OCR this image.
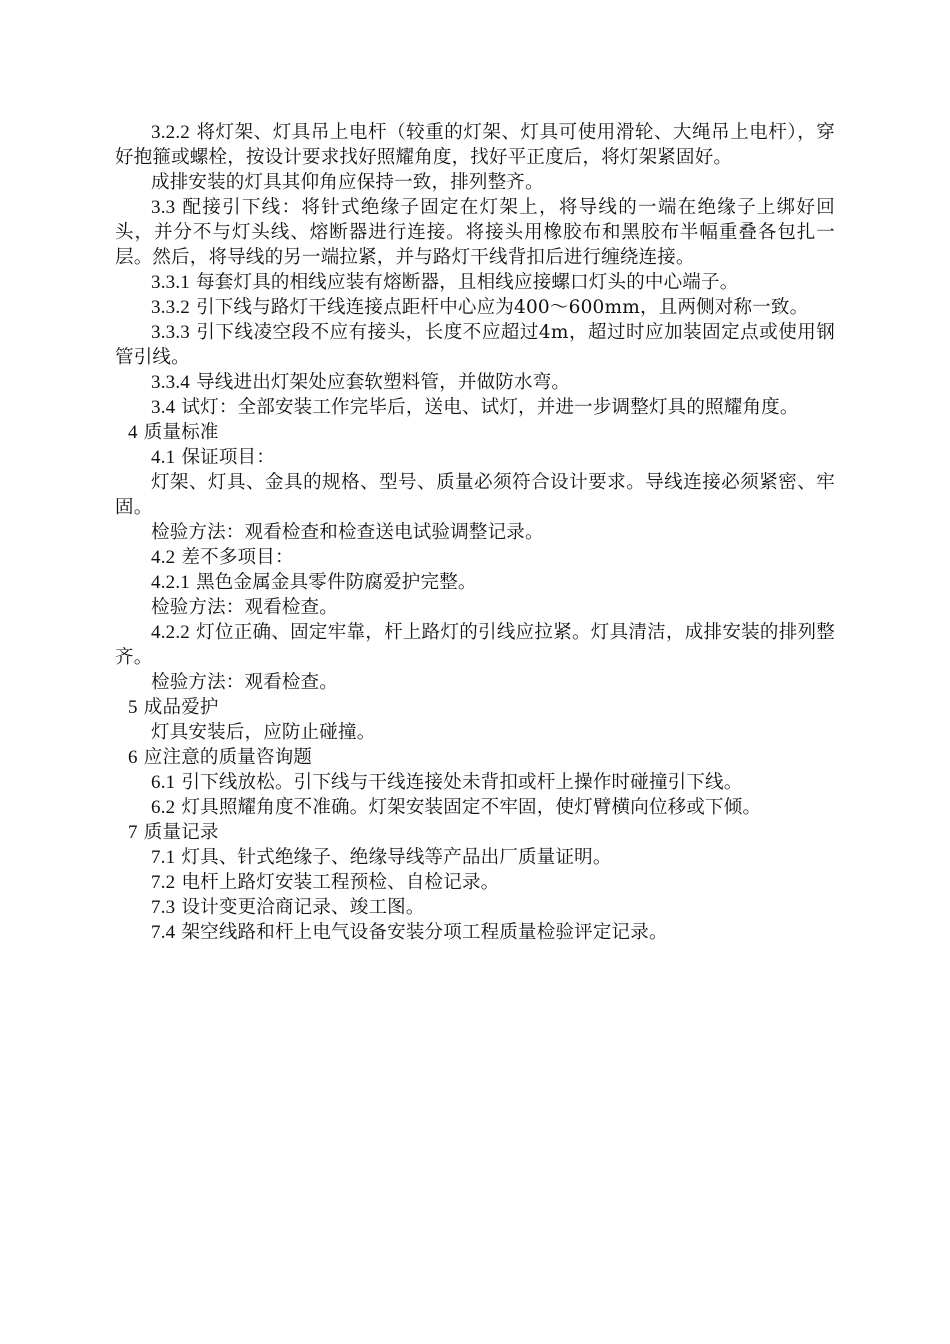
3.2.2 将灯架、灯具吊上电杆（较重的灯架、灯具可使用滑轮、大绳吊上电杆），穿好抱箍或螺栓，按设计要求找好照耀角度，找好平正度后，将灯架紧固好。

成排安装的灯具其仰角应保持一致，排列整齐。

3.3 配接引下线：将针式绝缘子固定在灯架上，将导线的一端在绝缘子上绑好回头，并分不与灯头线、熔断器进行连接。将接头用橡胶布和黑胶布半幅重叠各包扎一层。然后，将导线的另一端拉紧，并与路灯干线背扣后进行缠绕连接。

3.3.1 每套灯具的相线应装有熔断器，且相线应接螺口灯头的中心端子。

3.3.2 引下线与路灯干线连接点距杆中心应为400～600mm，且两侧对称一致。

3.3.3 引下线凌空段不应有接头，长度不应超过4m，超过时应加装固定点或使用钢管引线。

3.3.4 导线进出灯架处应套软塑料管，并做防水弯。

3.4 试灯：全部安装工作完毕后，送电、试灯，并进一步调整灯具的照耀角度。

4 质量标准

4.1 保证项目：

灯架、灯具、金具的规格、型号、质量必须符合设计要求。导线连接必须紧密、牢固。

检验方法：观看检查和检查送电试验调整记录。

4.2 差不多项目：

4.2.1 黑色金属金具零件防腐爱护完整。

检验方法：观看检查。

4.2.2 灯位正确、固定牢靠，杆上路灯的引线应拉紧。灯具清洁，成排安装的排列整齐。

检验方法：观看检查。

5 成品爱护

灯具安装后，应防止碰撞。

6 应注意的质量咨询题

6.1 引下线放松。引下线与干线连接处未背扣或杆上操作时碰撞引下线。

6.2 灯具照耀角度不准确。灯架安装固定不牢固，使灯臂横向位移或下倾。

7 质量记录

7.1 灯具、针式绝缘子、绝缘导线等产品出厂质量证明。

7.2 电杆上路灯安装工程预检、自检记录。

7.3 设计变更洽商记录、竣工图。

7.4 架空线路和杆上电气设备安装分项工程质量检验评定记录。
